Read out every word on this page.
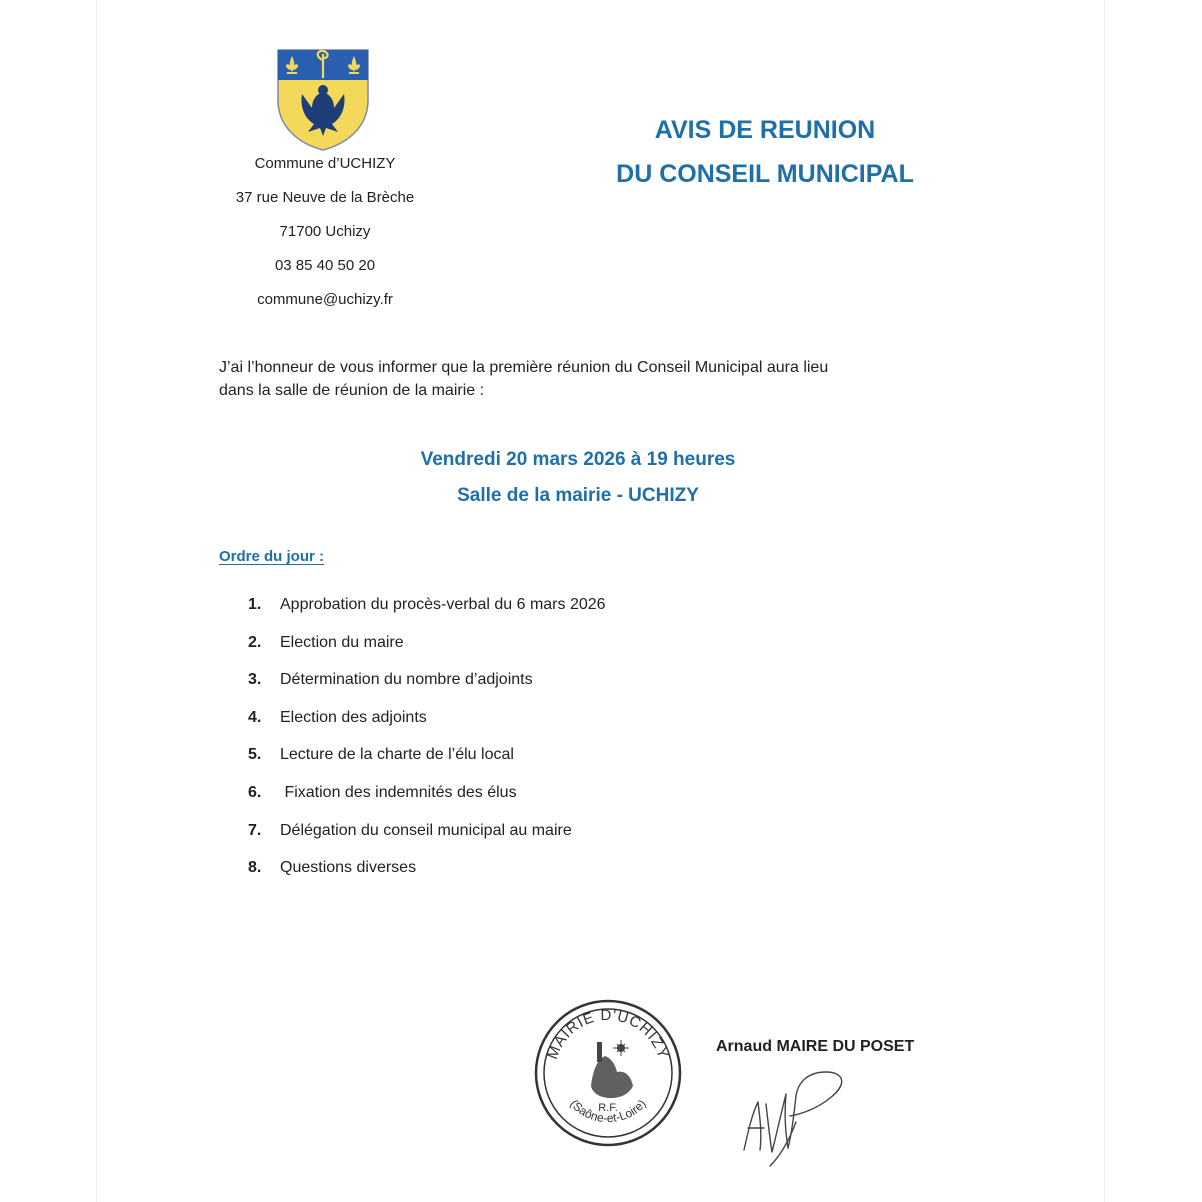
Commune d’UCHIZY
37 rue Neuve de la Brèche
71700 Uchizy
03 85 40 50 20
commune@uchizy.fr
AVIS DE REUNION
DU CONSEIL MUNICIPAL
J’ai l’honneur de vous informer que la première réunion du Conseil Municipal aura lieu
dans la salle de réunion de la mairie :
Vendredi 20 mars 2026 à 19 heures
Salle de la mairie - UCHIZY
Ordre du jour :
1.	Approbation du procès-verbal du 6 mars 2026
2.	Election du maire
3.	Détermination du nombre d’adjoints
4.	Election des adjoints
5.	Lecture de la charte de l’élu local
6.	Fixation des indemnités des élus
7.	Délégation du conseil municipal au maire
8.	Questions diverses
MAIRIE D'UCHIZY
R.F.
(Saône-et-Loire)
Arnaud MAIRE DU POSET
